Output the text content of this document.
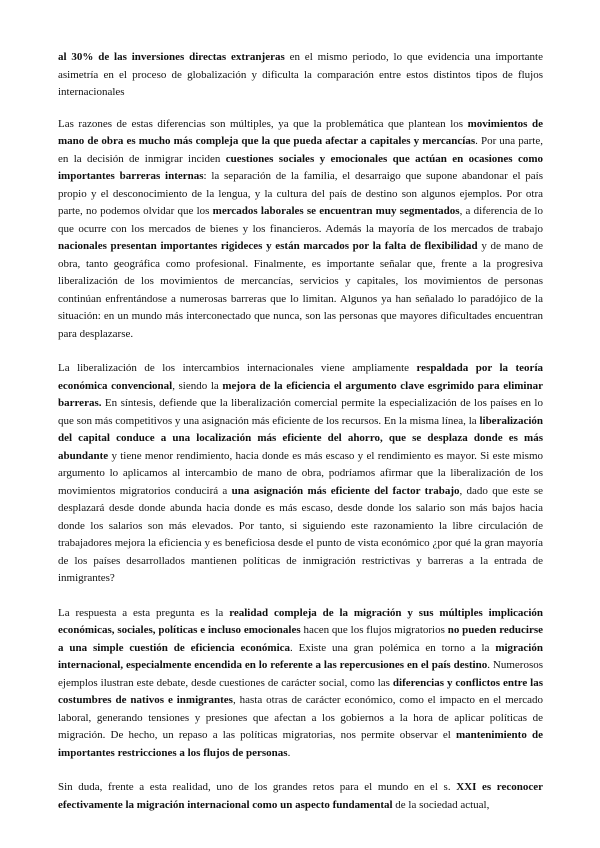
al 30% de las inversiones directas extranjeras en el mismo periodo, lo que evidencia una importante asimetría en el proceso de globalización y dificulta la comparación entre estos distintos tipos de flujos internacionales

Las razones de estas diferencias son múltiples, ya que la problemática que plantean los movimientos de mano de obra es mucho más compleja que la que pueda afectar a capitales y mercancías. Por una parte, en la decisión de inmigrar inciden cuestiones sociales y emocionales que actúan en ocasiones como importantes barreras internas: la separación de la familia, el desarraigo que supone abandonar el país propio y el desconocimiento de la lengua, y la cultura del país de destino son algunos ejemplos. Por otra parte, no podemos olvidar que los mercados laborales se encuentran muy segmentados, a diferencia de lo que ocurre con los mercados de bienes y los financieros. Además la mayoría de los mercados de trabajo nacionales presentan importantes rigideces y están marcados por la falta de flexibilidad y de mano de obra, tanto geográfica como profesional. Finalmente, es importante señalar que, frente a la progresiva liberalización de los movimientos de mercancías, servicios y capitales, los movimientos de personas continúan enfrentándose a numerosas barreras que lo limitan. Algunos ya han señalado lo paradójico de la situación: en un mundo más interconectado que nunca, son las personas que mayores dificultades encuentran para desplazarse.

La liberalización de los intercambios internacionales viene ampliamente respaldada por la teoría económica convencional, siendo la mejora de la eficiencia el argumento clave esgrimido para eliminar barreras. En síntesis, defiende que la liberalización comercial permite la especialización de los países en lo que son más competitivos y una asignación más eficiente de los recursos. En la misma línea, la liberalización del capital conduce a una localización más eficiente del ahorro, que se desplaza donde es más abundante y tiene menor rendimiento, hacia donde es más escaso y el rendimiento es mayor. Si este mismo argumento lo aplicamos al intercambio de mano de obra, podríamos afirmar que la liberalización de los movimientos migratorios conducirá a una asignación más eficiente del factor trabajo, dado que este se desplazará desde donde abunda hacia donde es más escaso, desde donde los salario son más bajos hacia donde los salarios son más elevados. Por tanto, si siguiendo este razonamiento la libre circulación de trabajadores mejora la eficiencia y es beneficiosa desde el punto de vista económico ¿por qué la gran mayoría de los países desarrollados mantienen políticas de inmigración restrictivas y barreras a la entrada de inmigrantes?

La respuesta a esta pregunta es la realidad compleja de la migración y sus múltiples implicación económicas, sociales, políticas e incluso emocionales hacen que los flujos migratorios no pueden reducirse a una simple cuestión de eficiencia económica. Existe una gran polémica en torno a la migración internacional, especialmente encendida en lo referente a las repercusiones en el país destino. Numerosos ejemplos ilustran este debate, desde cuestiones de carácter social, como las diferencias y conflictos entre las costumbres de nativos e inmigrantes, hasta otras de carácter económico, como el impacto en el mercado laboral, generando tensiones y presiones que afectan a los gobiernos a la hora de aplicar políticas de migración. De hecho, un repaso a las políticas migratorias, nos permite observar el mantenimiento de importantes restricciones a los flujos de personas.

Sin duda, frente a esta realidad, uno de los grandes retos para el mundo en el s. XXI es reconocer efectivamente la migración internacional como un aspecto fundamental de la sociedad actual,
